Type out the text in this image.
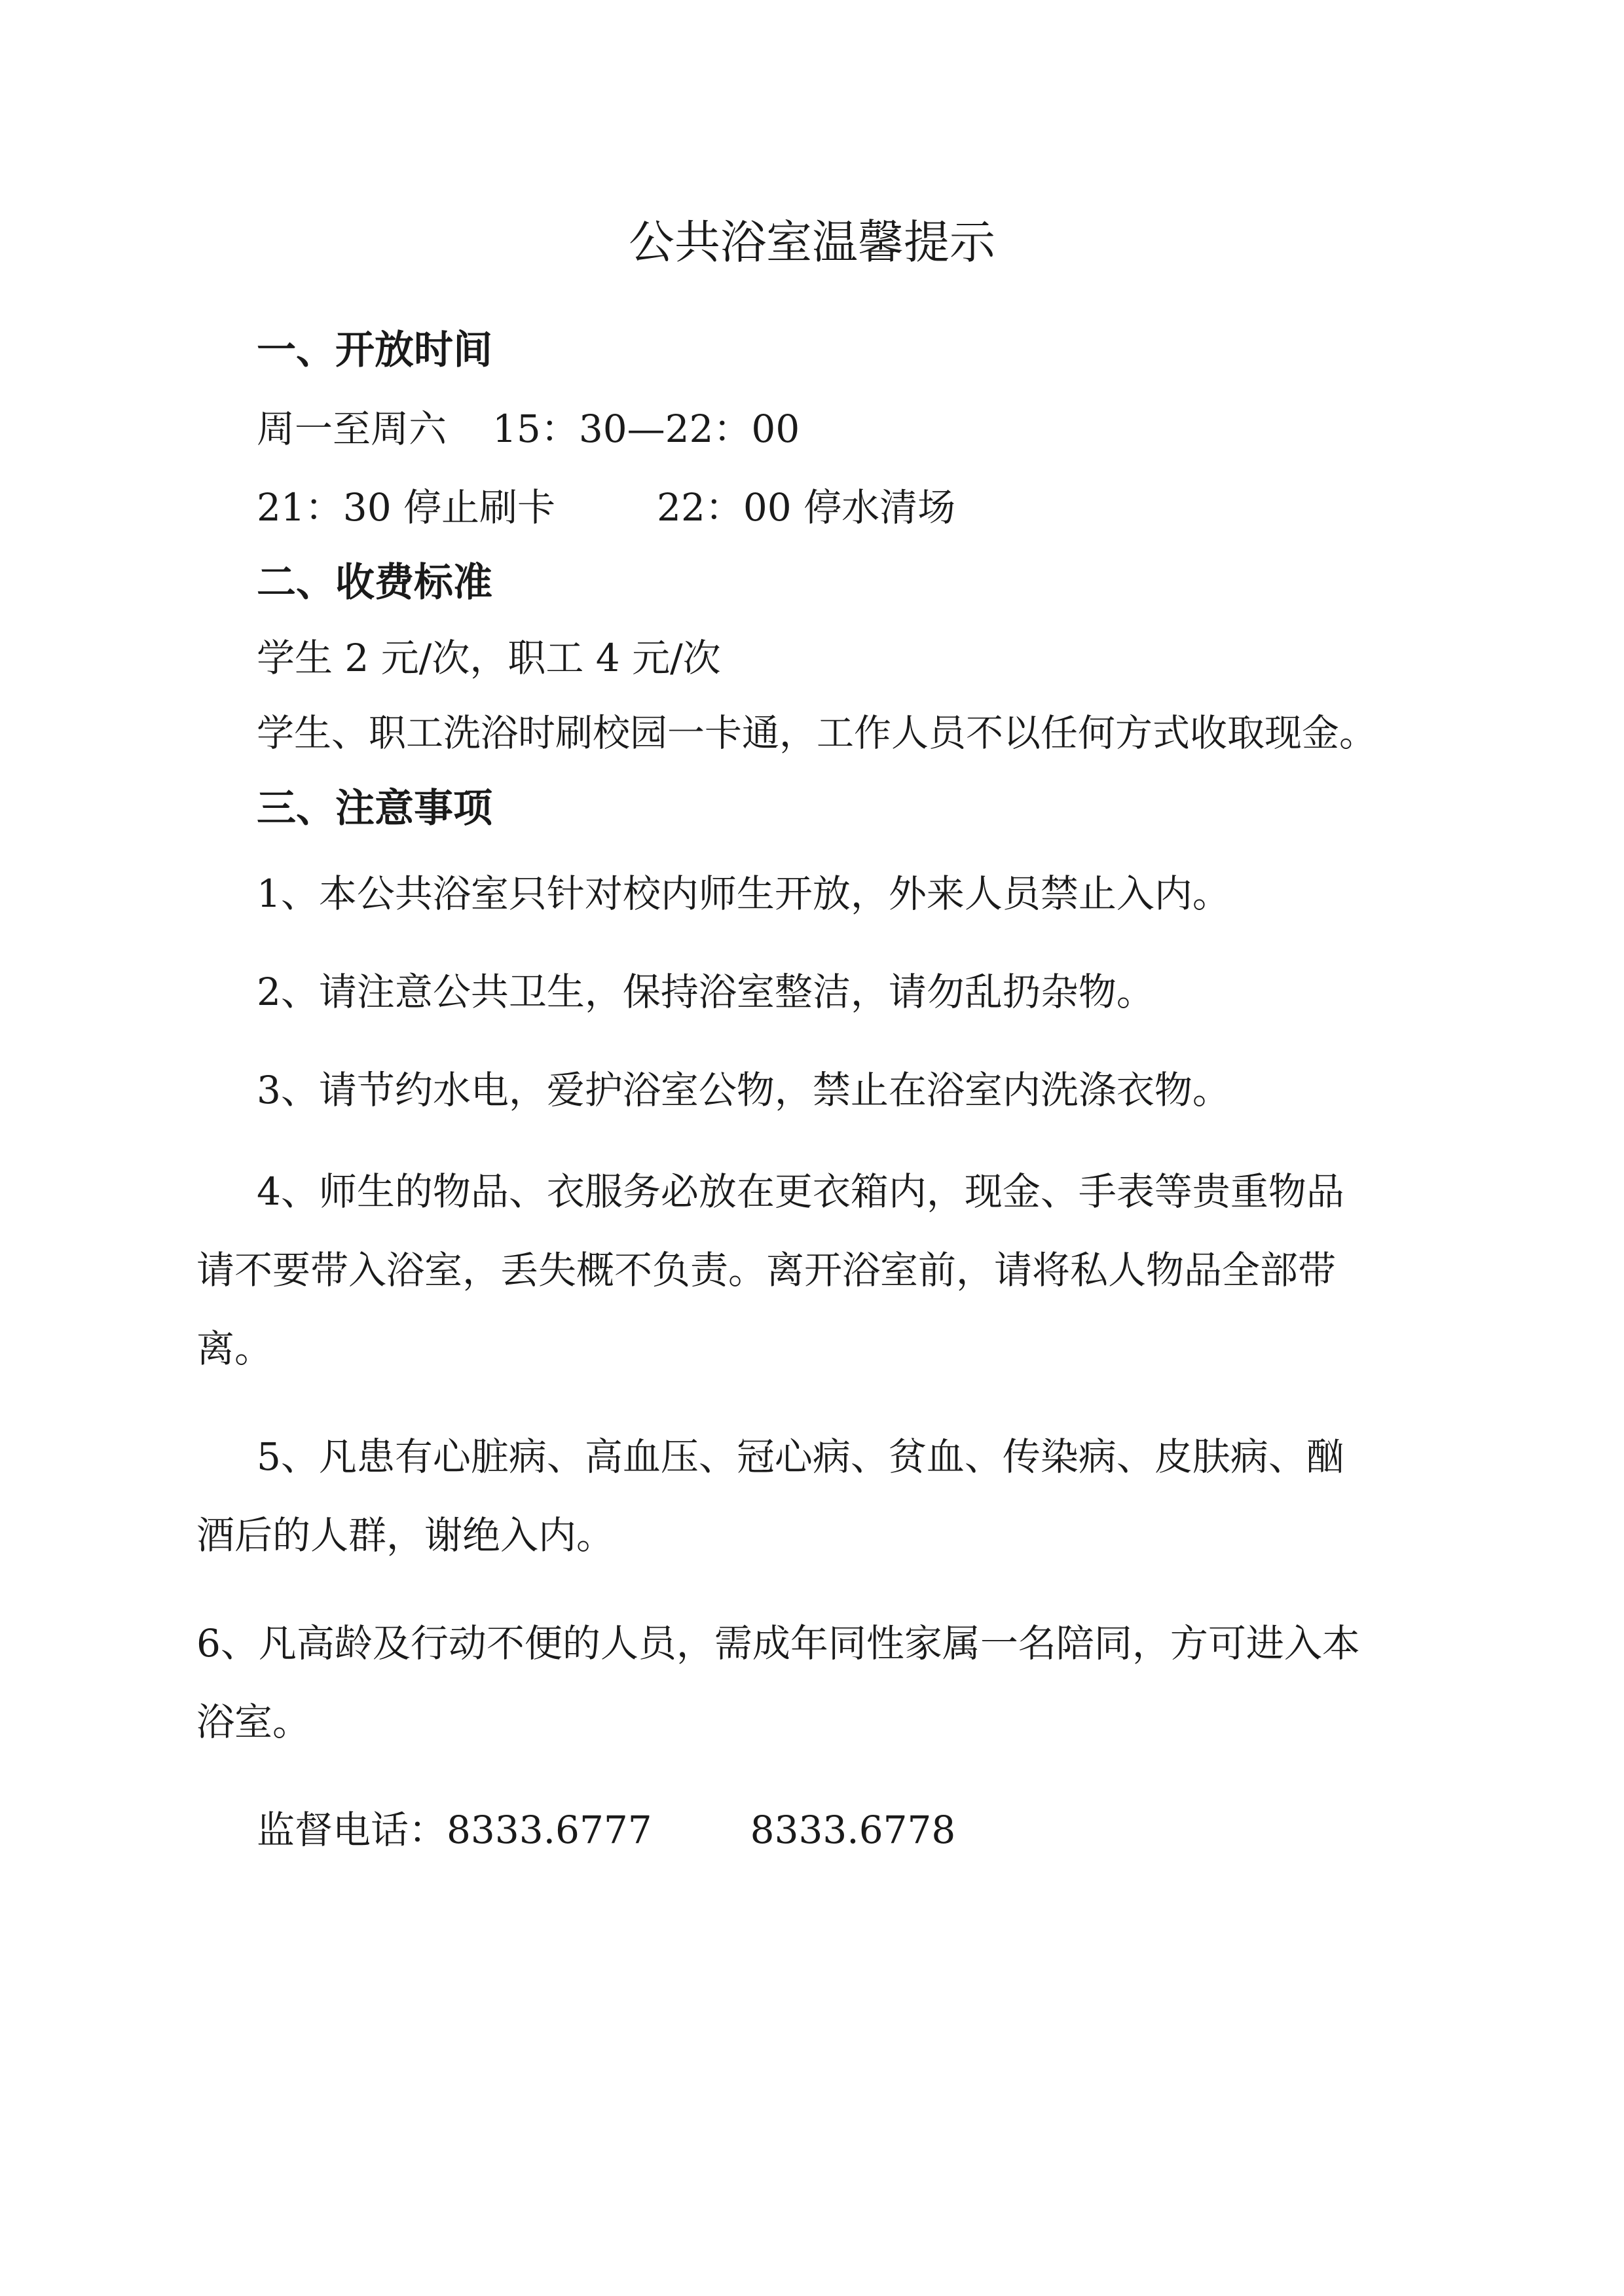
公共浴室温馨提示
一、开放时间
周一至周六 15：30—22：00
21：30 停止刷卡	22：00 停水清场
二、收费标准
学生 2 元/次，职工 4 元/次
学生、职工洗浴时刷校园一卡通，工作人员不以任何方式收取现金。
三、注意事项
1、本公共浴室只针对校内师生开放，外来人员禁止入内。
2、请注意公共卫生，保持浴室整洁，请勿乱扔杂物。
3、请节约水电，爱护浴室公物，禁止在浴室内洗涤衣物。
4、师生的物品、衣服务必放在更衣箱内，现金、手表等贵重物品
请不要带入浴室，丢失概不负责。离开浴室前，请将私人物品全部带
离。
5、凡患有心脏病、高血压、冠心病、贫血、传染病、皮肤病、酗
酒后的人群，谢绝入内。
6、凡高龄及行动不便的人员，需成年同性家属一名陪同，方可进入本
浴室。
监督电话：8333.6777	8333.6778
